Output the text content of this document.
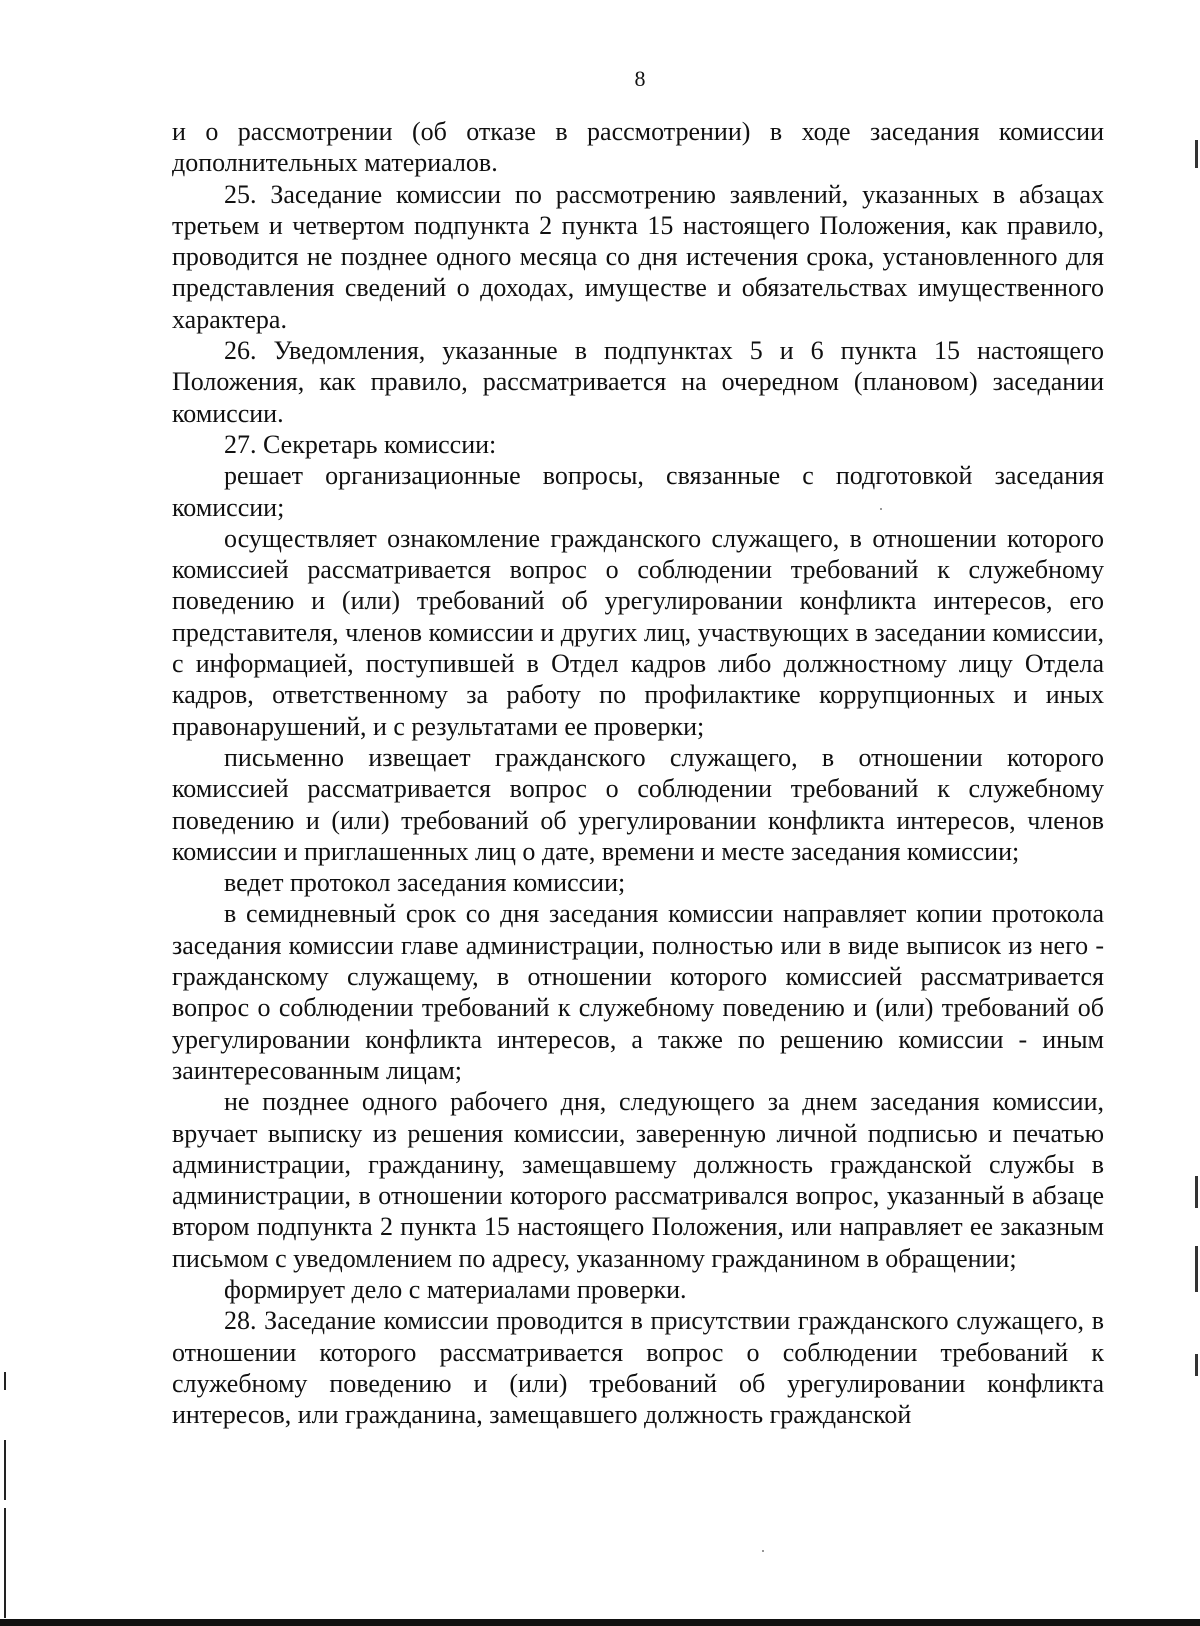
8

и о рассмотрении (об отказе в рассмотрении) в ходе заседания комиссии дополнительных материалов.

25. Заседание комиссии по рассмотрению заявлений, указанных в абзацах третьем и четвертом подпункта 2 пункта 15 настоящего Положения, как правило, проводится не позднее одного месяца со дня истечения срока, установленного для представления сведений о доходах, имуществе и обязательствах имущественного характера.

26. Уведомления, указанные в подпунктах 5 и 6 пункта 15 настоящего Положения, как правило, рассматривается на очередном (плановом) заседании комиссии.

27. Секретарь комиссии:

решает организационные вопросы, связанные с подготовкой заседания комиссии;

осуществляет ознакомление гражданского служащего, в отношении которого комиссией рассматривается вопрос о соблюдении требований к служебному поведению и (или) требований об урегулировании конфликта интересов, его представителя, членов комиссии и других лиц, участвующих в заседании комиссии, с информацией, поступившей в Отдел кадров либо должностному лицу Отдела кадров, ответственному за работу по профилактике коррупционных и иных правонарушений, и с результатами ее проверки;

письменно извещает гражданского служащего, в отношении которого комиссией рассматривается вопрос о соблюдении требований к служебному поведению и (или) требований об урегулировании конфликта интересов, членов комиссии и приглашенных лиц о дате, времени и месте заседания комиссии;

ведет протокол заседания комиссии;

в семидневный срок со дня заседания комиссии направляет копии протокола заседания комиссии главе администрации, полностью или в виде выписок из него - гражданскому служащему, в отношении которого комиссией рассматривается вопрос о соблюдении требований к служебному поведению и (или) требований об урегулировании конфликта интересов, а также по решению комиссии - иным заинтересованным лицам;

не позднее одного рабочего дня, следующего за днем заседания комиссии, вручает выписку из решения комиссии, заверенную личной подписью и печатью администрации, гражданину, замещавшему должность гражданской службы в администрации, в отношении которого рассматривался вопрос, указанный в абзаце втором подпункта 2 пункта 15 настоящего Положения, или направляет ее заказным письмом с уведомлением по адресу, указанному гражданином в обращении;

формирует дело с материалами проверки.

28. Заседание комиссии проводится в присутствии гражданского служащего, в отношении которого рассматривается вопрос о соблюдении требований к служебному поведению и (или) требований об урегулировании конфликта интересов, или гражданина, замещавшего должность гражданской
